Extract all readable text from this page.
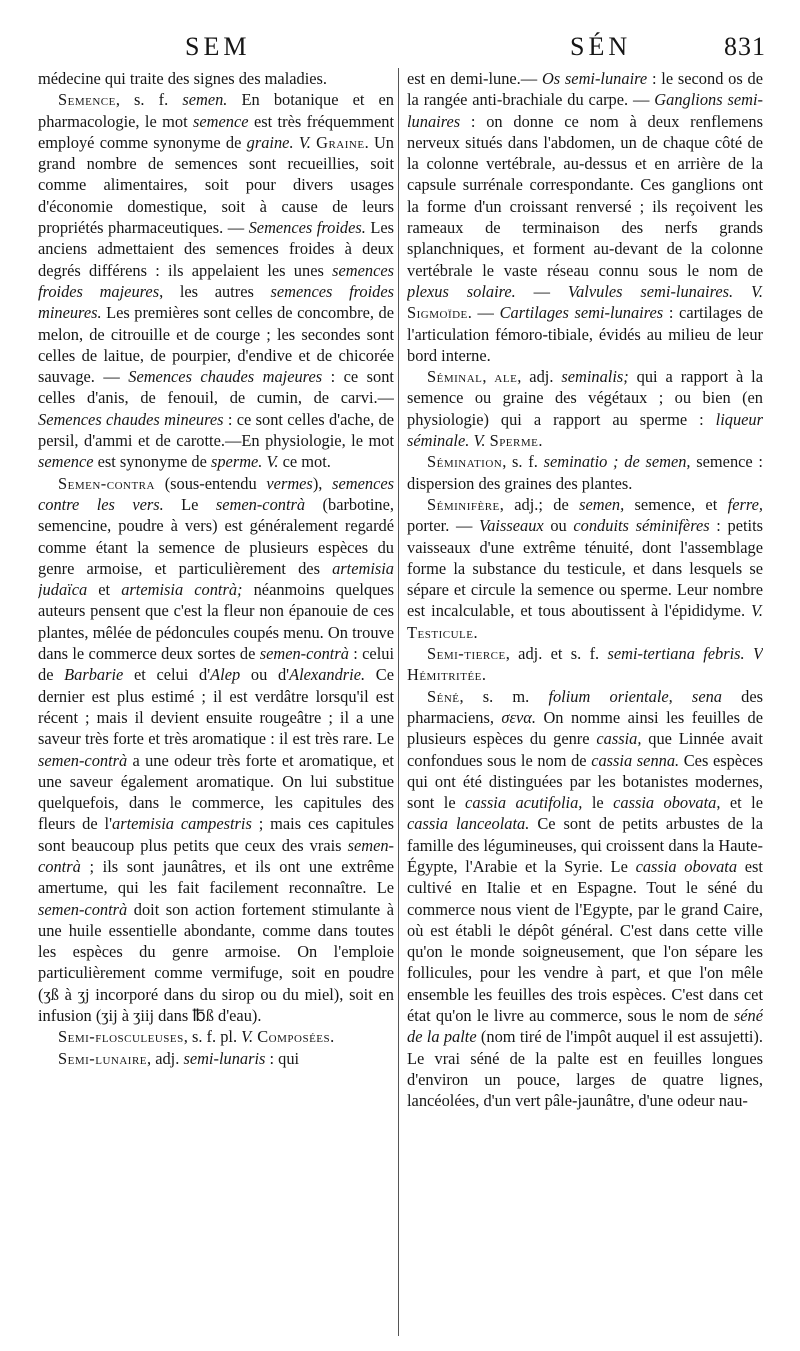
SEM	SÉN	831

médecine qui traite des signes des maladies.

Semence, s. f. semen. En botanique et en pharmacologie, le mot semence est très fréquemment employé comme synonyme de graine. V. Graine. Un grand nombre de semences sont recueillies, soit comme alimentaires, soit pour divers usages d'économie domestique, soit à cause de leurs propriétés pharmaceutiques. — Semences froides. Les anciens admettaient des semences froides à deux degrés différens : ils appelaient les unes semences froides majeures, les autres semences froides mineures. Les premières sont celles de concombre, de melon, de citrouille et de courge ; les secondes sont celles de laitue, de pourpier, d'endive et de chicorée sauvage. — Semences chaudes majeures : ce sont celles d'anis, de fenouil, de cumin, de carvi.—Semences chaudes mineures : ce sont celles d'ache, de persil, d'ammi et de carotte.—En physiologie, le mot semence est synonyme de sperme. V. ce mot.

Semen-contra (sous-entendu vermes), semences contre les vers. Le semen-contrà (barbotine, semencine, poudre à vers) est généralement regardé comme étant la semence de plusieurs espèces du genre armoise, et particulièrement des artemisia judaïca et artemisia contrà; néanmoins quelques auteurs pensent que c'est la fleur non épanouie de ces plantes, mêlée de pédoncules coupés menu. On trouve dans le commerce deux sortes de semen-contrà : celui de Barbarie et celui d'Alep ou d'Alexandrie. Ce dernier est plus estimé ; il est verdâtre lorsqu'il est récent ; mais il devient ensuite rougeâtre ; il a une saveur très forte et très aromatique : il est très rare. Le semen-contrà a une odeur très forte et aromatique, et une saveur également aromatique. On lui substitue quelquefois, dans le commerce, les capitules des fleurs de l'artemisia campestris ; mais ces capitules sont beaucoup plus petits que ceux des vrais semen-contrà ; ils sont jaunâtres, et ils ont une extrême amertume, qui les fait facilement reconnaître. Le semen-contrà doit son action fortement stimulante à une huile essentielle abondante, comme dans toutes les espèces du genre armoise. On l'emploie particulièrement comme vermifuge, soit en poudre (ʒß à ʒj incorporé dans du sirop ou du miel), soit en infusion (ʒij à ʒiij dans ℔ß d'eau).

Semi-flosculeuses, s. f. pl. V. Composées.

Semi-lunaire, adj. semi-lunaris : qui

est en demi-lune.— Os semi-lunaire : le second os de la rangée anti-brachiale du carpe. — Ganglions semi-lunaires : on donne ce nom à deux renflemens nerveux situés dans l'abdomen, un de chaque côté de la colonne vertébrale, au-dessus et en arrière de la capsule surrénale correspondante. Ces ganglions ont la forme d'un croissant renversé ; ils reçoivent les rameaux de terminaison des nerfs grands splanchniques, et forment au-devant de la colonne vertébrale le vaste réseau connu sous le nom de plexus solaire. — Valvules semi-lunaires. V. Sigmoïde. — Cartilages semi-lunaires : cartilages de l'articulation fémoro-tibiale, évidés au milieu de leur bord interne.

Séminal, ale, adj. seminalis; qui a rapport à la semence ou graine des végétaux ; ou bien (en physiologie) qui a rapport au sperme : liqueur séminale. V. Sperme.

Sémination, s. f. seminatio ; de semen, semence : dispersion des graines des plantes.

Séminifère, adj.; de semen, semence, et ferre, porter. — Vaisseaux ou conduits séminifères : petits vaisseaux d'une extrême ténuité, dont l'assemblage forme la substance du testicule, et dans lesquels se sépare et circule la semence ou sperme. Leur nombre est incalculable, et tous aboutissent à l'épididyme. V. Testicule.

Semi-tierce, adj. et s. f. semi-tertiana febris. V Hémitritée.

Séné, s. m. folium orientale, sena des pharmaciens, σενα. On nomme ainsi les feuilles de plusieurs espèces du genre cassia, que Linnée avait confondues sous le nom de cassia senna. Ces espèces qui ont été distinguées par les botanistes modernes, sont le cassia acutifolia, le cassia obovata, et le cassia lanceolata. Ce sont de petits arbustes de la famille des légumineuses, qui croissent dans la Haute-Égypte, l'Arabie et la Syrie. Le cassia obovata est cultivé en Italie et en Espagne. Tout le séné du commerce nous vient de l'Egypte, par le grand Caire, où est établi le dépôt général. C'est dans cette ville qu'on le monde soigneusement, que l'on sépare les follicules, pour les vendre à part, et que l'on mêle ensemble les feuilles des trois espèces. C'est dans cet état qu'on le livre au commerce, sous le nom de séné de la palte (nom tiré de l'impôt auquel il est assujetti). Le vrai séné de la palte est en feuilles longues d'environ un pouce, larges de quatre lignes, lancéolées, d'un vert pâle-jaunâtre, d'une odeur nau-
